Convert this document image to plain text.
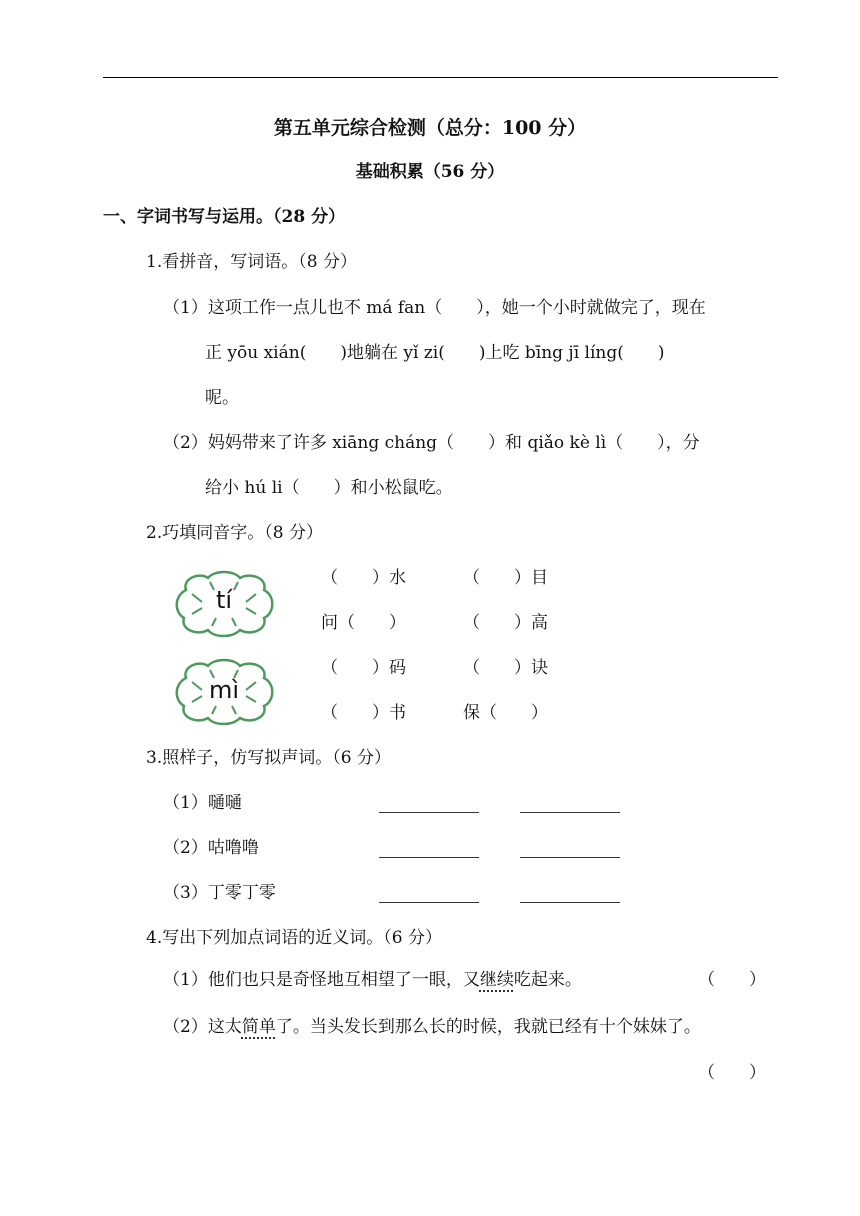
第五单元综合检测（总分：100 分）
基础积累（56 分）
一、字词书写与运用。（28 分）
1.看拼音，写词语。（8 分）
（1）这项工作一点儿也不 má fan（　　），她一个小时就做完了，现在
正 yōu xián(　　)地躺在 yǐ zi(　　)上吃 bīng jī líng(　　)
呢。
（2）妈妈带来了许多 xiāng cháng（　　）和 qiǎo kè lì（　　），分
给小 hú li（　　）和小松鼠吃。
2.巧填同音字。（8 分）
tí
mì
（　　）水	（　　）目
问（　　）	（　　）高
（　　）码	（　　）诀
（　　）书	保（　　）
3.照样子，仿写拟声词。（6 分）
（1）嗵嗵
（2）咕噜噜
（3）丁零丁零
4.写出下列加点词语的近义词。（6 分）
（1）他们也只是奇怪地互相望了一眼，又继续吃起来。	（　　）
（2）这太简单了。当头发长到那么长的时候，我就已经有十个妹妹了。
（　　）
